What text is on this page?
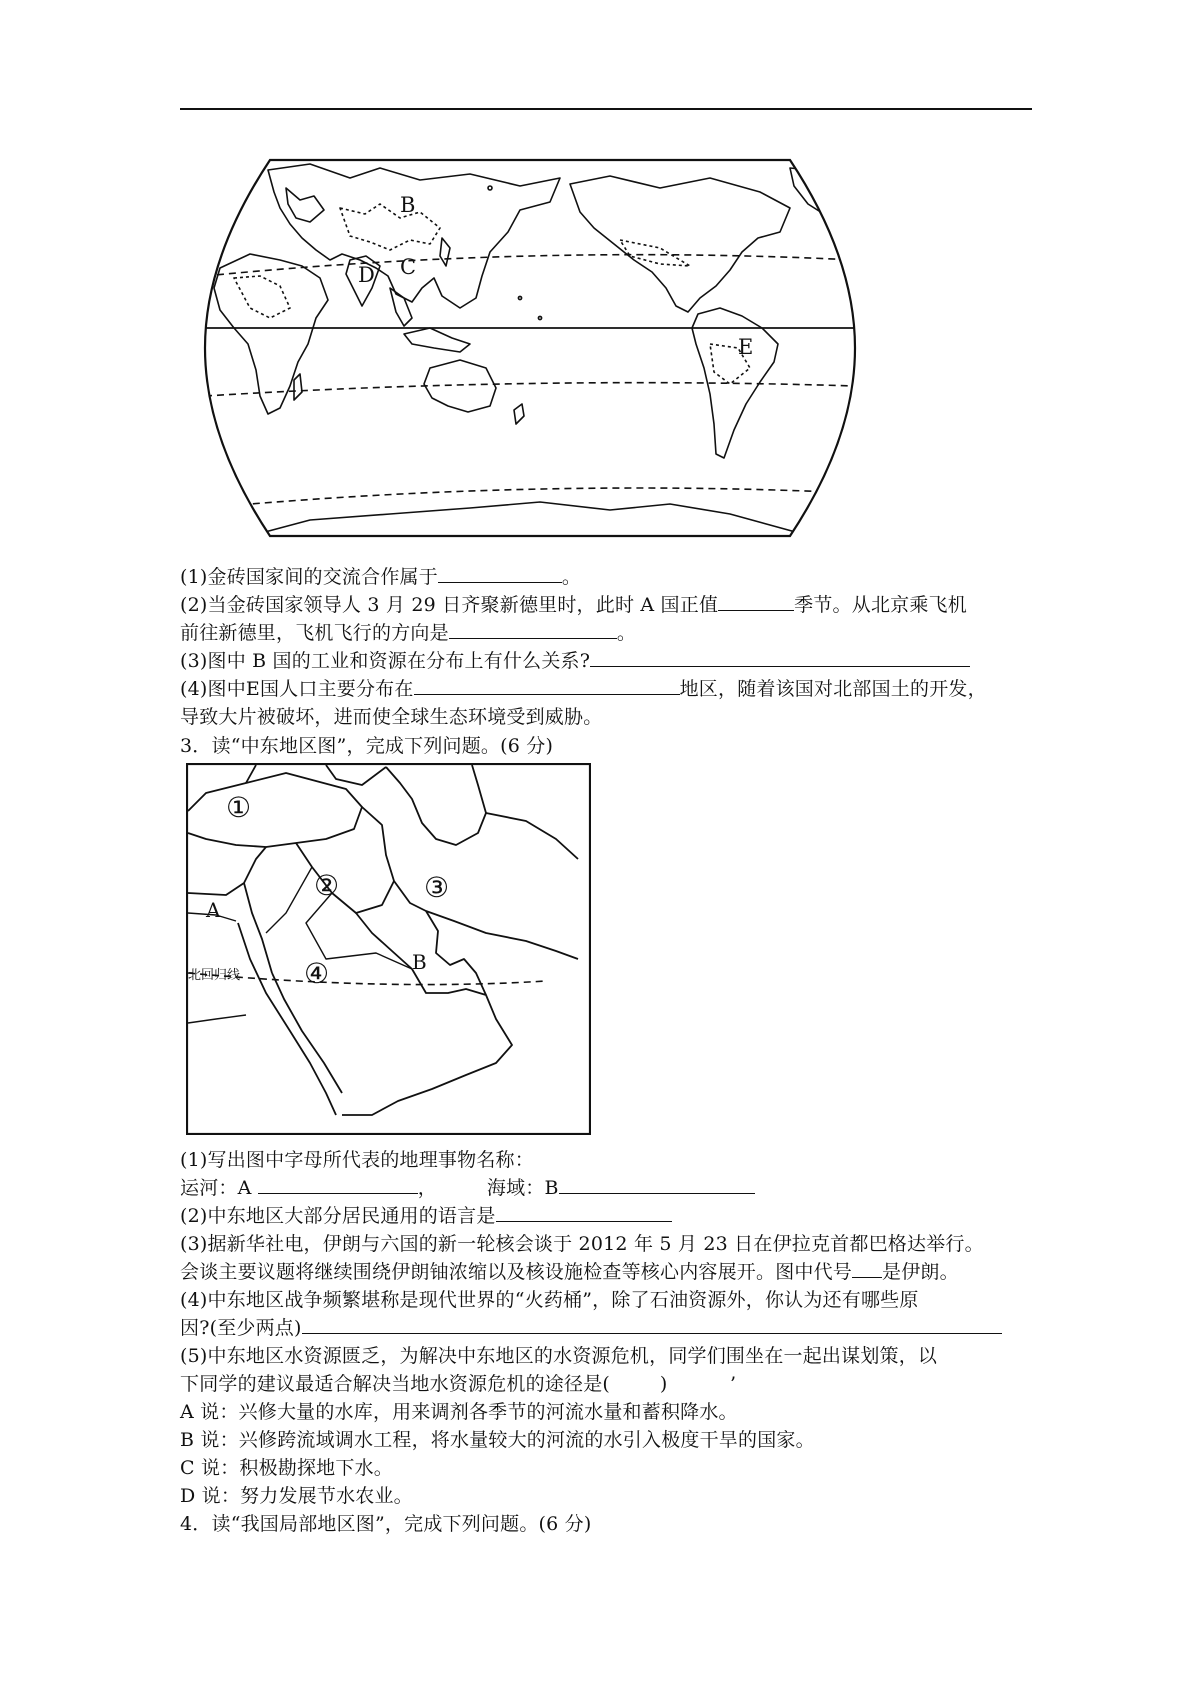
B
C
D
E
(1)金砖国家间的交流合作属于	。
(2)当金砖国家领导人 3 月 29 日齐聚新德里时，此时 A 国正值	季节。从北京乘飞机
前往新德里，飞机飞行的方向是	。
(3)图中 B 国的工业和资源在分布上有什么关系?
(4)图中E国人口主要分布在	地区，随着该国对北部国土的开发，
导致大片被破坏，进而使全球生态环境受到威胁。
3．读“中东地区图”，完成下列问题。(6 分)
①
②	③
④
A
B
北回归线
(1)写出图中字母所代表的地理事物名称：
运河：A	，        海域：B
(2)中东地区大部分居民通用的语言是
(3)据新华社电，伊朗与六国的新一轮核会谈于 2012 年 5 月 23 日在伊拉克首都巴格达举行。
会谈主要议题将继续围绕伊朗铀浓缩以及核设施检查等核心内容展开。图中代号 是伊朗。
(4)中东地区战争频繁堪称是现代世界的“火药桶”，除了石油资源外，你认为还有哪些原
因?(至少两点)
(5)中东地区水资源匮乏，为解决中东地区的水资源危机，同学们围坐在一起出谋划策，以
下同学的建议最适合解决当地水资源危机的途径是(        )          ’
A 说：兴修大量的水库，用来调剂各季节的河流水量和蓄积降水。
B 说：兴修跨流域调水工程，将水量较大的河流的水引入极度干旱的国家。
C 说：积极勘探地下水。
D 说：努力发展节水农业。
4．读“我国局部地区图”，完成下列问题。(6 分)
